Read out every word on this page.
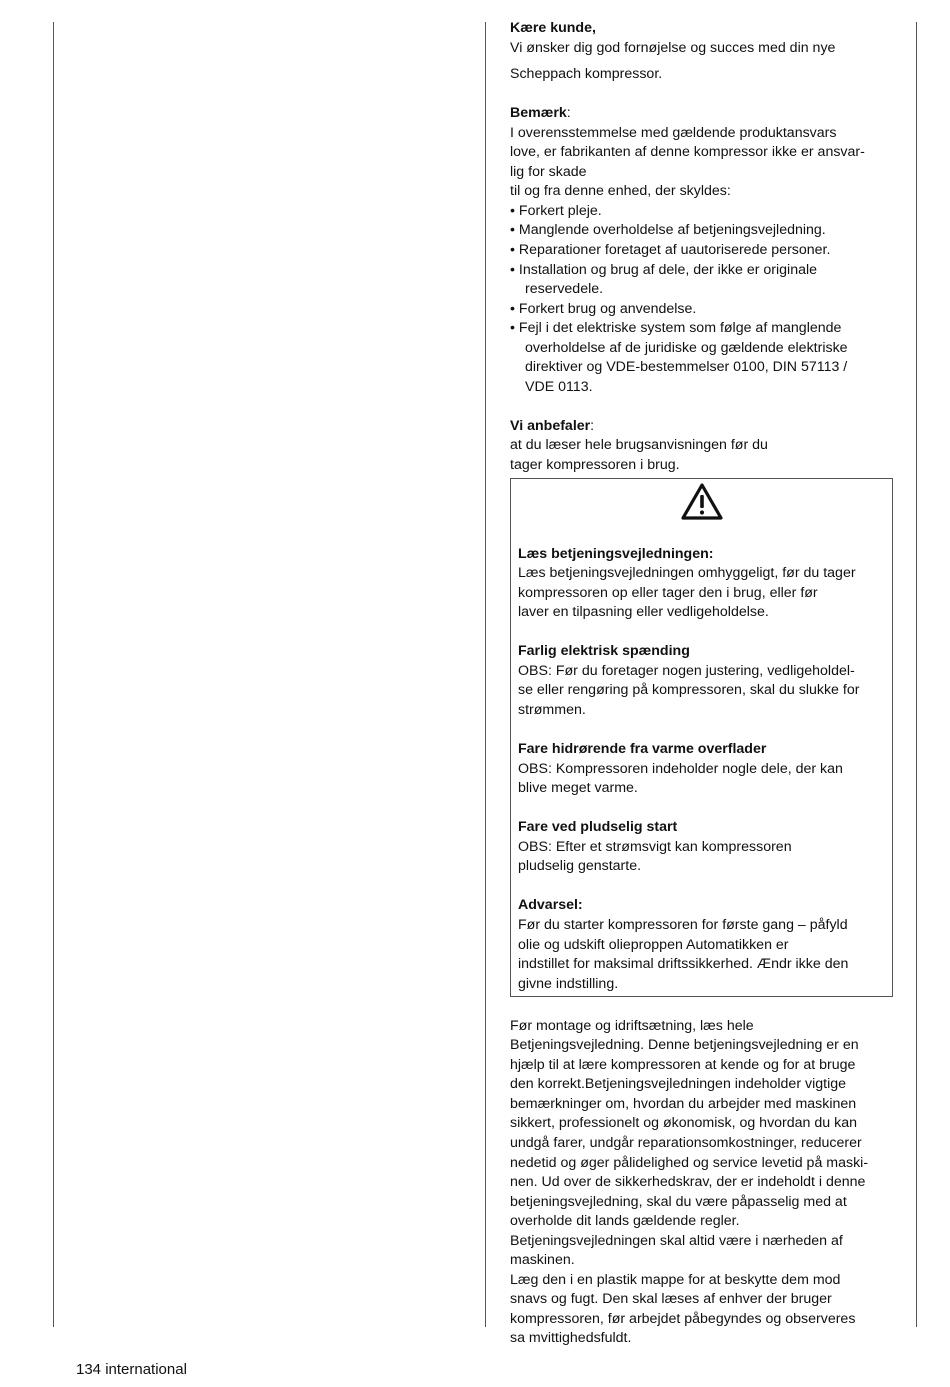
Kære kunde,
Vi ønsker dig god fornøjelse og succes med din nye
Scheppach kompressor.
Bemærk:
I overensstemmelse med gældende produktansvars
love, er fabrikanten af denne kompressor ikke er ansvar-
lig for skade
til og fra denne enhed, der skyldes:
• Forkert pleje.
• Manglende overholdelse af betjeningsvejledning.
• Reparationer foretaget af uautoriserede personer.
• Installation og brug af dele, der ikke er originale
reservedele.
• Forkert brug og anvendelse.
• Fejl i det elektriske system som følge af manglende
overholdelse af de juridiske og gældende elektriske
direktiver og VDE-bestemmelser 0100, DIN 57113 /
VDE 0113.
Vi anbefaler:
at du læser hele brugsanvisningen før du
tager kompressoren i brug.
Læs betjeningsvejledningen:
Læs betjeningsvejledningen omhyggeligt, før du tager
kompressoren op eller tager den i brug, eller før
laver en tilpasning eller vedligeholdelse.
Farlig elektrisk spænding
OBS: Før du foretager nogen justering, vedligeholdel-
se eller rengøring på kompressoren, skal du slukke for
strømmen.
Fare hidrørende fra varme overflader
OBS: Kompressoren indeholder nogle dele, der kan
blive meget varme.
Fare ved pludselig start
OBS: Efter et strømsvigt kan kompressoren
pludselig genstarte.
Advarsel:
Før du starter kompressoren for første gang – påfyld
olie og udskift olieproppen Automatikken er
indstillet for maksimal driftssikkerhed. Ændr ikke den
givne indstilling.
Før montage og idriftsætning, læs hele
Betjeningsvejledning. Denne betjeningsvejledning er en
hjælp til at lære kompressoren at kende og for at bruge
den korrekt.Betjeningsvejledningen indeholder vigtige
bemærkninger om, hvordan du arbejder med maskinen
sikkert, professionelt og økonomisk, og hvordan du kan
undgå farer, undgår reparationsomkostninger, reducerer
nedetid og øger pålidelighed og service levetid på maski-
nen. Ud over de sikkerhedskrav, der er indeholdt i denne
betjeningsvejledning, skal du være påpasselig med at
overholde dit lands gældende regler.
Betjeningsvejledningen skal altid være i nærheden af
maskinen.
Læg den i en plastik mappe for at beskytte dem mod
snavs og fugt. Den skal læses af enhver der bruger
kompressoren, før arbejdet påbegyndes og observeres
sa mvittighedsfuldt.
134 international
